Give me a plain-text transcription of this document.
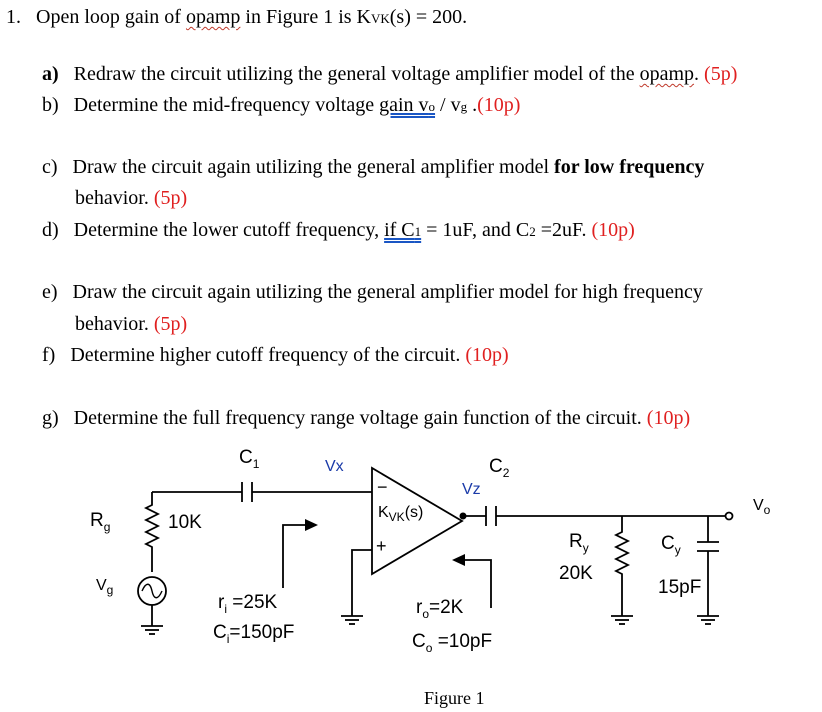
1. Open loop gain of opamp in Figure 1 is KVK(s) = 200.
a) Redraw the circuit utilizing the general voltage amplifier model of the opamp. (5p)
b) Determine the mid-frequency voltage gain vo / vg .(10p)
c) Draw the circuit again utilizing the general amplifier model for low frequency
behavior. (5p)
d) Determine the lower cutoff frequency, if C1 = 1uF, and C2 =2uF. (10p)
e) Draw the circuit again utilizing the general amplifier model for high frequency
behavior. (5p)
f) Determine higher cutoff frequency of the circuit. (10p)
g) Determine the full frequency range voltage gain function of the circuit. (10p)
$C_1$	Vx	$C_2$
Vz
$R_g$	10K
$V_g$
$K_{VK}(s)$
−
+
$r_i =25K$
$C_i=150pF$
$r_o=2K$
$C_o =10pF$
$R_y$
20K
$C_y$
15pF
$V_o$
Figure 1
